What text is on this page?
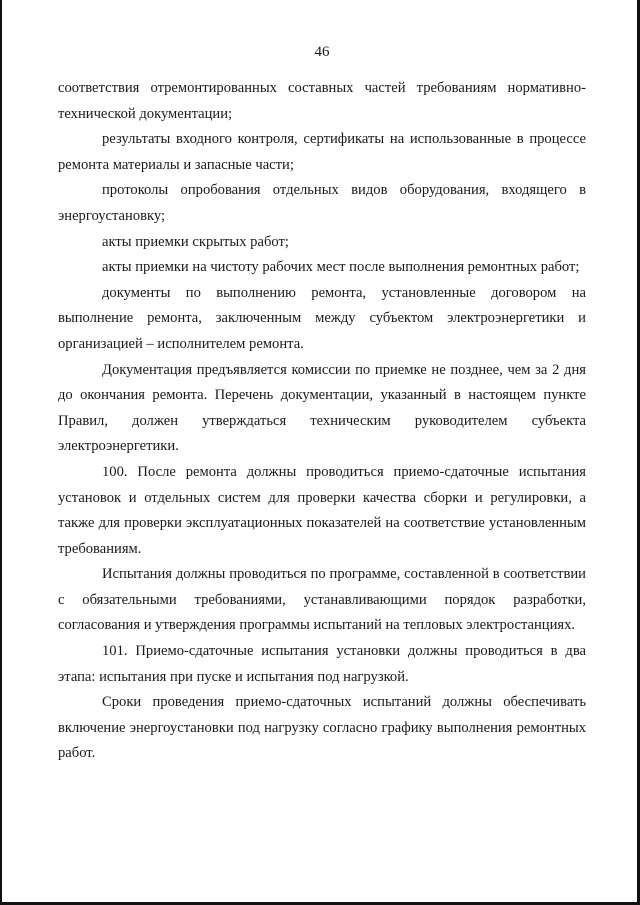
46

соответствия отремонтированных составных частей требованиям нормативно-технической документации;

результаты входного контроля, сертификаты на использованные в процессе ремонта материалы и запасные части;

протоколы опробования отдельных видов оборудования, входящего в энергоустановку;

акты приемки скрытых работ;

акты приемки на чистоту рабочих мест после выполнения ремонтных работ;

документы по выполнению ремонта, установленные договором на выполнение ремонта, заключенным между субъектом электроэнергетики и организацией – исполнителем ремонта.

Документация предъявляется комиссии по приемке не позднее, чем за 2 дня до окончания ремонта. Перечень документации, указанный в настоящем пункте Правил, должен утверждаться техническим руководителем субъекта электроэнергетики.

100. После ремонта должны проводиться приемо-сдаточные испытания установок и отдельных систем для проверки качества сборки и регулировки, а также для проверки эксплуатационных показателей на соответствие установленным требованиям.

Испытания должны проводиться по программе, составленной в соответствии с обязательными требованиями, устанавливающими порядок разработки, согласования и утверждения программы испытаний на тепловых электростанциях.

101. Приемо-сдаточные испытания установки должны проводиться в два этапа: испытания при пуске и испытания под нагрузкой.

Сроки проведения приемо-сдаточных испытаний должны обеспечивать включение энергоустановки под нагрузку согласно графику выполнения ремонтных работ.
